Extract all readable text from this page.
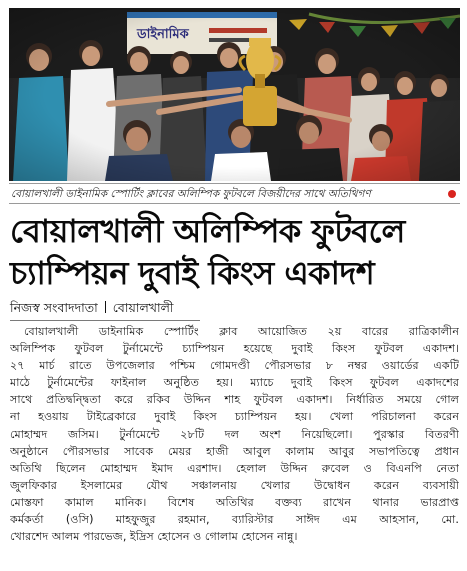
ডাইনামিক
বোয়ালখালী ডাইনামিক স্পোর্টিং ক্লাবের অলিম্পিক ফুটবলে বিজয়ীদের সাথে অতিথিগণ
বোয়ালখালী অলিম্পিক ফুটবলে
চ্যাম্পিয়ন দুবাই কিংস একাদশ
নিজস্ব সংবাদদাতা বোয়ালখালী
বোয়ালখালী ডাইনামিক স্পোর্টিং ক্লাব আয়োজিত ২য় বারের রাত্রিকালীন
অলিম্পিক ফুটবল টুর্নামেন্টে চ্যাম্পিয়ন হয়েছে দুবাই কিংস ফুটবল একাদশ।
২৭ মার্চ রাতে উপজেলার পশ্চিম গোমদণ্ডী পৌরসভার ৮ নম্বর ওয়ার্ডের একটি
মাঠে টুর্নামেন্টের ফাইনাল অনুষ্ঠিত হয়। ম্যাচে দুবাই কিংস ফুটবল একাদশের
সাথে প্রতিদ্বন্দ্বিতা করে রকিব উদ্দিন শাহ ফুটবল একাদশ। নির্ধারিত সময়ে গোল
না হওয়ায় টাইব্রেকারে দুবাই কিংস চ্যাম্পিয়ন হয়। খেলা পরিচালনা করেন
মোহাম্মদ জসিম। টুর্নামেন্টে ২৮টি দল অংশ নিয়েছিলো। পুরস্কার বিতরণী
অনুষ্ঠানে পৌরসভার সাবেক মেয়র হাজী আবুল কালাম আবুর সভাপতিত্বে প্রধান
অতিথি ছিলেন মোহাম্মদ ইমাদ এরশাদ। হেলাল উদ্দিন রুবেল ও বিএনপি নেতা
জুলফিকার ইসলামের যৌথ সঞ্চালনায় খেলার উদ্বোধন করেন ব্যবসায়ী
মোস্তফা কামাল মানিক। বিশেষ অতিথির বক্তব্য রাখেন থানার ভারপ্রাপ্ত
কর্মকর্তা (ওসি) মাহফুজুর রহমান, ব্যারিস্টার সাঈদ এম আহসান, মো.
খোরশেদ আলম পারভেজ, ইদ্রিস হোসেন ও গোলাম হোসেন নান্নু।
